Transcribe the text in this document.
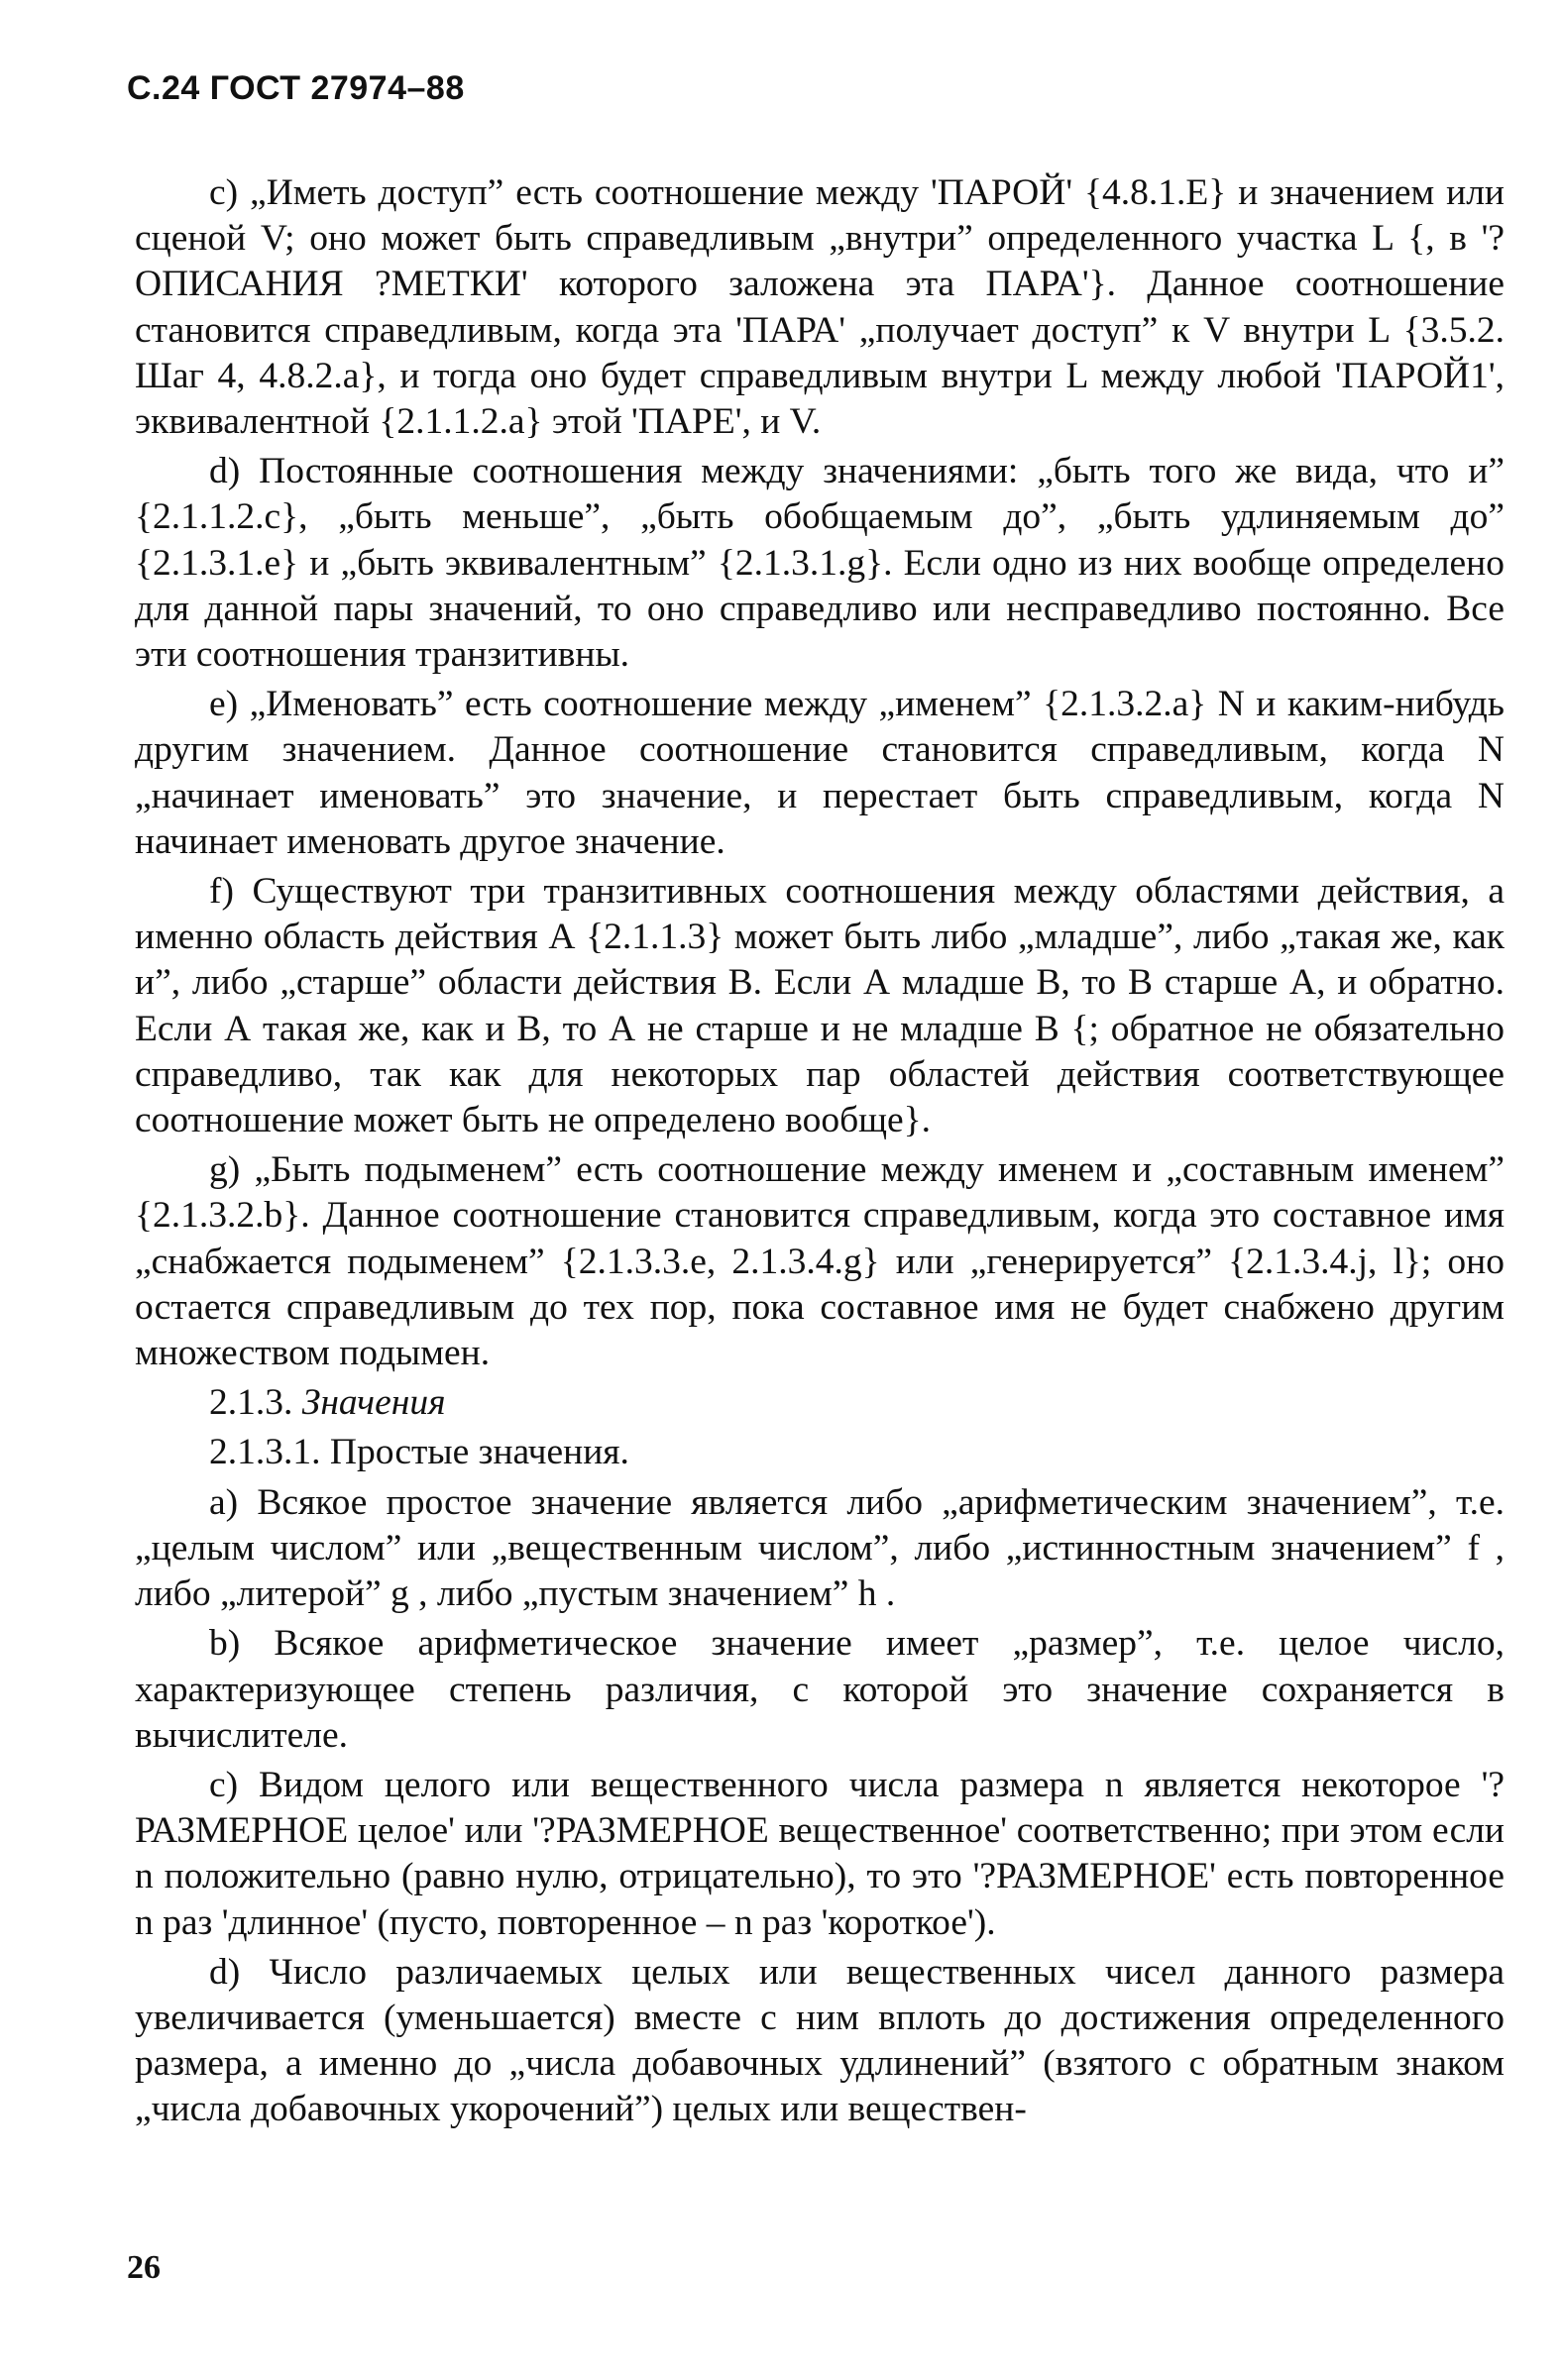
С.24 ГОСТ 27974–88

c) „Иметь доступ” есть соотношение между 'ПАРОЙ' {4.8.1.E} и значением или сценой V; оно может быть справедливым „внутри” определенного участка L {, в '?ОПИСАНИЯ ?МЕТКИ' которого заложена эта ПАРА'}. Данное соотношение становится справедливым, когда эта 'ПАРА' „получает доступ” к V внутри L {3.5.2. Шаг 4, 4.8.2.а}, и тогда оно будет справедливым внутри L между любой 'ПАРОЙ1', эквивалентной {2.1.1.2.а} этой 'ПАРЕ', и V.

d) Постоянные соотношения между значениями: „быть того же вида, что и” {2.1.1.2.с}, „быть меньше”, „быть обобщаемым до”, „быть удлиняемым до” {2.1.3.1.е} и „быть эквивалентным” {2.1.3.1.g}. Если одно из них вообще определено для данной пары значений, то оно справедливо или несправедливо постоянно. Все эти соотношения транзитивны.

е) „Именовать” есть соотношение между „именем” {2.1.3.2.а} N и каким-нибудь другим значением. Данное соотношение становится справедливым, когда N „начинает именовать” это значение, и перестает быть справедливым, когда N начинает именовать другое значение.

f) Существуют три транзитивных соотношения между областями действия, а именно область действия А {2.1.1.3} может быть либо „младше”, либо „такая же, как и”, либо „старше” области действия В. Если А младше В, то В старше А, и обратно. Если А такая же, как и В, то А не старше и не младше В {; обратное не обязательно справедливо, так как для некоторых пар областей действия соответствующее соотношение может быть не определено вообще}.

g) „Быть подыменем” есть соотношение между именем и „составным именем” {2.1.3.2.b}. Данное соотношение становится справедливым, когда это составное имя „снабжается подыменем” {2.1.3.3.е, 2.1.3.4.g} или „генерируется” {2.1.3.4.j, l}; оно остается справедливым до тех пор, пока составное имя не будет снабжено другим множеством подымен.

2.1.3. Значения
2.1.3.1. Простые значения.

а) Всякое простое значение является либо „арифметическим значением”, т.е. „целым числом” или „вещественным числом”, либо „истинностным значением” f , либо „литерой” g , либо „пустым значением” h .

b) Всякое арифметическое значение имеет „размер”, т.е. целое число, характеризующее степень различия, с которой это значение сохраняется в вычислителе.

с) Видом целого или вещественного числа размера n является некоторое '?РАЗМЕРНОЕ целое' или '?РАЗМЕРНОЕ вещественное' соответственно; при этом если n положительно (равно нулю, отрицательно), то это '?РАЗМЕРНОЕ' есть повторенное n раз 'длинное' (пусто, повторенное – n раз 'короткое').

d) Число различаемых целых или вещественных чисел данного размера увеличивается (уменьшается) вместе с ним вплоть до достижения определенного размера, а именно до „числа добавочных удлинений” (взятого с обратным знаком „числа добавочных укорочений”) целых или веществен-

26
